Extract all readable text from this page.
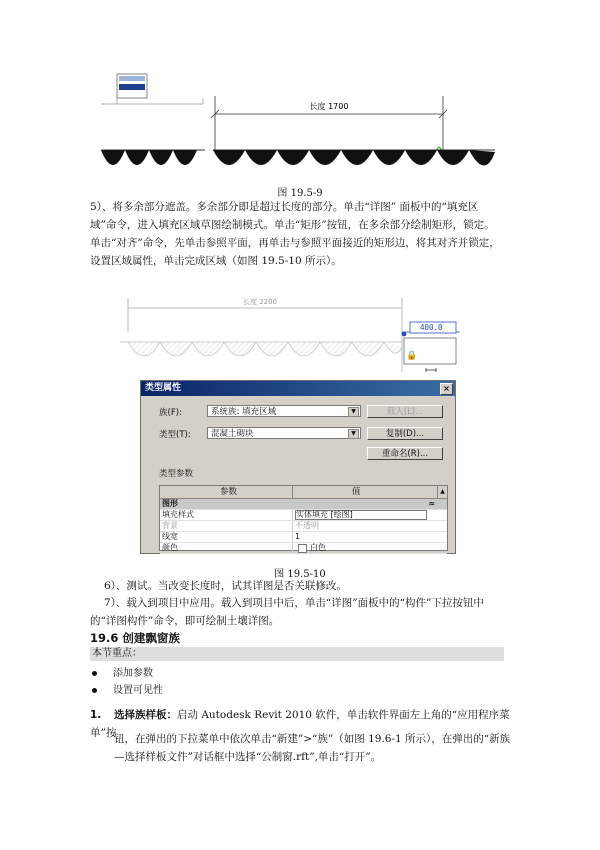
长度 1700
图 19.5-9
5）、将多余部分遮盖。多余部分即是超过长度的部分。单击“详图” 面板中的“填充区
域”命令，进入填充区域草图绘制模式。单击“矩形”按钮，在多余部分绘制矩形，锁定。
单击“对齐”命令，先单击参照平面，再单击与参照平面接近的矩形边，将其对齐并锁定，
设置区域属性，单击完成区域（如图 19.5-10 所示）。
长度 2200
400.0
🔒
类型属性	×
族(F):	系统族: 填充区域	▼	载入(L)...
类型(T):	混凝土砌块	▼	复制(D)...
重命名(R)...
类型参数
参数	值	▲
图形	≈
填充样式	实体填充 [绘图]
背景	不透明
线宽	1
颜色	白色
图 19.5-10
6）、测试。当改变长度时，试其详图是否关联修改。
7）、载入到项目中应用。载入到项目中后，单击“详图”面板中的“构件”下拉按钮中
的“详图构件”命令，即可绘制土壤详图。
19.6 创建飘窗族
本节重点：
添加参数
设置可见性
1. 选择族样板：启动 Autodesk Revit 2010 软件，单击软件界面左上角的“应用程序菜单”按
钮，在弹出的下拉菜单中依次单击“新建”>“族”（如图 19.6-1 所示），在弹出的“新族
—选择样板文件”对话框中选择“公制窗.rft”,单击“打开”。
